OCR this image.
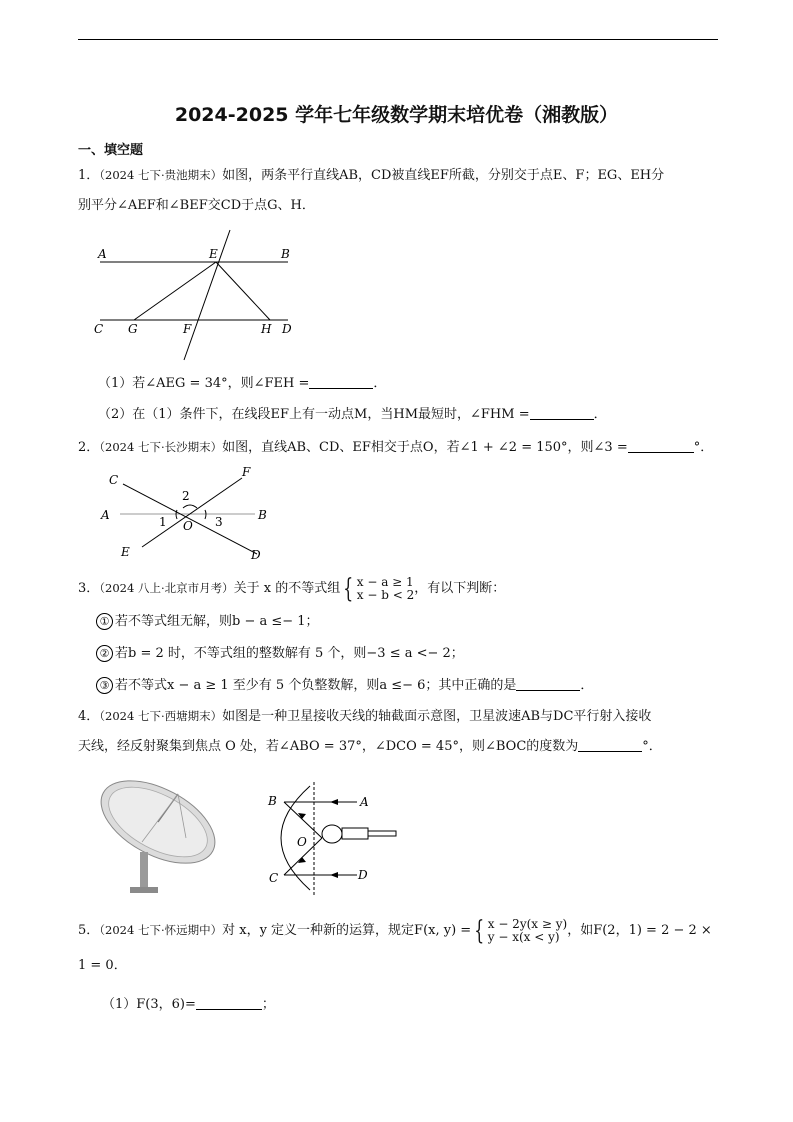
2024-2025 学年七年级数学期末培优卷（湘教版）
一、填空题
1．（2024 七下·贵池期末）如图，两条平行直线AB，CD被直线EF所截，分别交于点E、F；EG、EH分
别平分∠AEF和∠BEF交CD于点G、H．
A	E	B
C G	F	H D
（1）若∠AEG = 34°，则∠FEH =	．
（2）在（1）条件下，在线段EF上有一动点M，当HM最短时，∠FHM =	．
2．（2024 七下·长沙期末）如图，直线AB、CD、EF相交于点O，若∠1 + ∠2 = 150°，则∠3 =	°．
C
F
2
A	1 O 3	B
E	D
3．（2024 八上·北京市月考）关于 x 的不等式组 { x − a ≥ 1
x − b < 2，有以下判断：
① 若不等式组无解，则b − a ≤− 1；
② 若b = 2 时，不等式组的整数解有 5 个，则−3 ≤ a <− 2；
③ 若不等式x − a ≥ 1 至少有 5 个负整数解，则a ≤− 6；其中正确的是	．
4．（2024 七下·西塘期末）如图是一种卫星接收天线的轴截面示意图，卫星波速AB与DC平行射入接收
天线，经反射聚集到焦点 O 处，若∠ABO = 37°，∠DCO = 45°，则∠BOC的度数为	°．
B	A
O
C	D
5．（2024 七下·怀远期中）对 x，y 定义一种新的运算，规定F(x, y) = { x − 2y(x ≥ y)
y − x(x < y) ，如F(2，1) = 2 − 2 ×
1 = 0．
（1）F(3，6)=	；
